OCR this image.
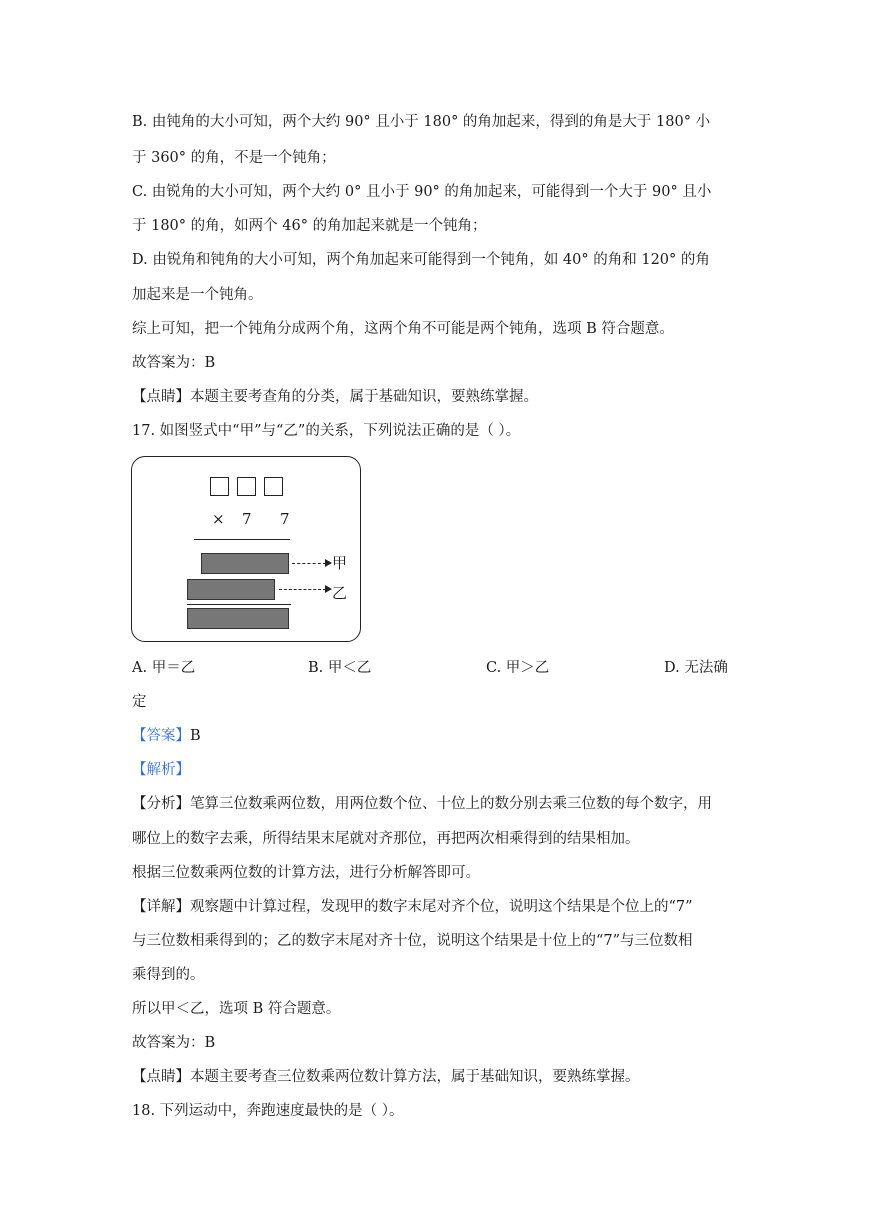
B. 由钝角的大小可知，两个大约 90° 且小于 180° 的角加起来，得到的角是大于 180° 小
于 360° 的角，不是一个钝角；
C. 由锐角的大小可知，两个大约 0° 且小于 90° 的角加起来，可能得到一个大于 90° 且小
于 180° 的角，如两个 46° 的角加起来就是一个钝角；
D. 由锐角和钝角的大小可知，两个角加起来可能得到一个钝角，如 40° 的角和 120° 的角
加起来是一个钝角。
综上可知，把一个钝角分成两个角，这两个角不可能是两个钝角，选项 B 符合题意。
故答案为：B
【点睛】本题主要考查角的分类，属于基础知识，要熟练掌握。
17. 如图竖式中“甲”与“乙”的关系，下列说法正确的是（ ）。
× 7 7
甲
乙
A. 甲＝乙	B. 甲＜乙	C. 甲＞乙	D. 无法确
定
【答案】B
【解析】
【分析】笔算三位数乘两位数，用两位数个位、十位上的数分别去乘三位数的每个数字，用
哪位上的数字去乘，所得结果末尾就对齐那位，再把两次相乘得到的结果相加。
根据三位数乘两位数的计算方法，进行分析解答即可。
【详解】观察题中计算过程，发现甲的数字末尾对齐个位，说明这个结果是个位上的“7”
与三位数相乘得到的；乙的数字末尾对齐十位，说明这个结果是十位上的“7”与三位数相
乘得到的。
所以甲＜乙，选项 B 符合题意。
故答案为：B
【点睛】本题主要考查三位数乘两位数计算方法，属于基础知识，要熟练掌握。
18. 下列运动中，奔跑速度最快的是（ ）。
